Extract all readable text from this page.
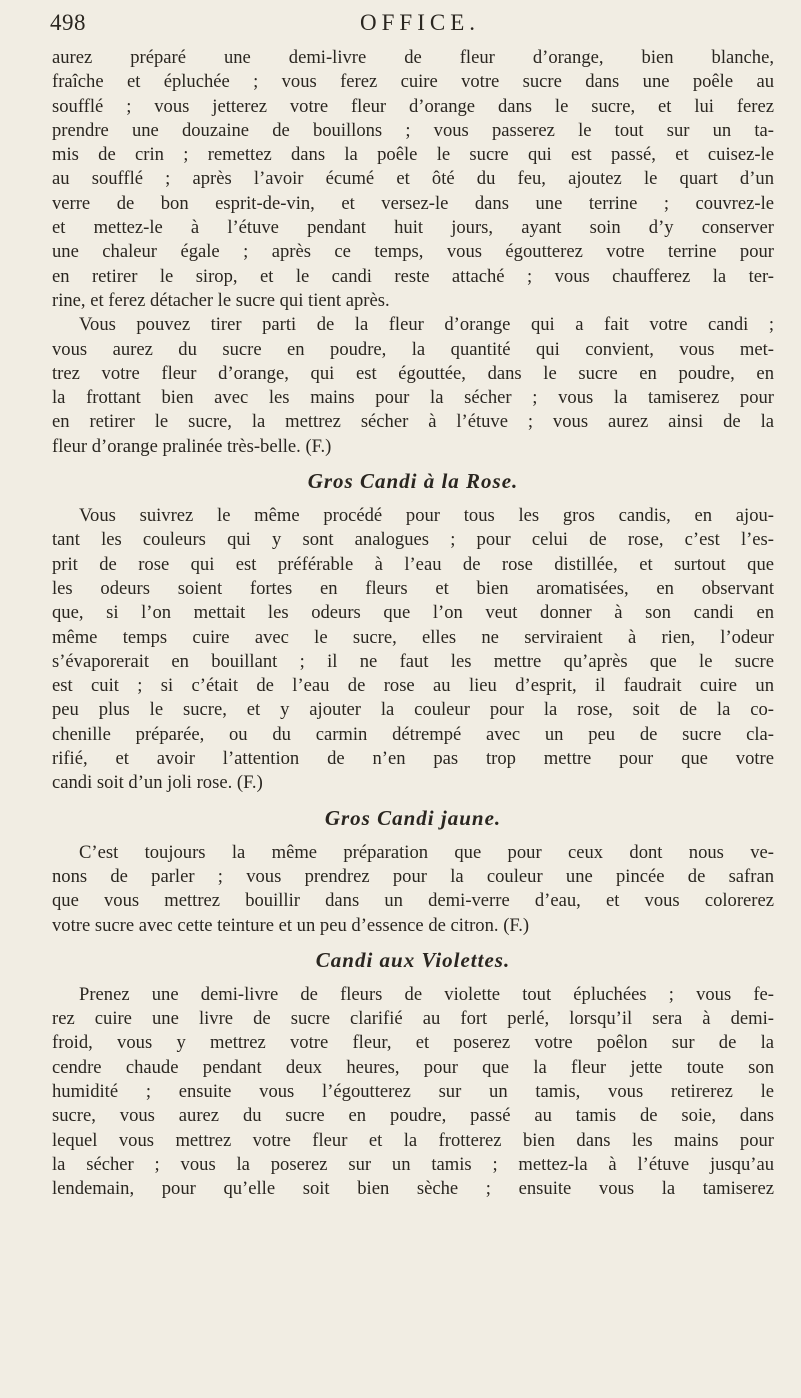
498	OFFICE.
aurez préparé une demi-livre de fleur d’orange, bien blanche,
fraîche et épluchée ; vous ferez cuire votre sucre dans une poêle au
soufflé ; vous jetterez votre fleur d’orange dans le sucre, et lui ferez
prendre une douzaine de bouillons ; vous passerez le tout sur un ta-
mis de crin ; remettez dans la poêle le sucre qui est passé, et cuisez-le
au soufflé ; après l’avoir écumé et ôté du feu, ajoutez le quart d’un
verre de bon esprit-de-vin, et versez-le dans une terrine ; couvrez-le
et mettez-le à l’étuve pendant huit jours, ayant soin d’y conserver
une chaleur égale ; après ce temps, vous égoutterez votre terrine pour
en retirer le sirop, et le candi reste attaché ; vous chaufferez la ter-
rine, et ferez détacher le sucre qui tient après.
Vous pouvez tirer parti de la fleur d’orange qui a fait votre candi ;
vous aurez du sucre en poudre, la quantité qui convient, vous met-
trez votre fleur d’orange, qui est égouttée, dans le sucre en poudre, en
la frottant bien avec les mains pour la sécher ; vous la tamiserez pour
en retirer le sucre, la mettrez sécher à l’étuve ; vous aurez ainsi de la
fleur d’orange pralinée très-belle. (F.)
Gros Candi à la Rose.
Vous suivrez le même procédé pour tous les gros candis, en ajou-
tant les couleurs qui y sont analogues ; pour celui de rose, c’est l’es-
prit de rose qui est préférable à l’eau de rose distillée, et surtout que
les odeurs soient fortes en fleurs et bien aromatisées, en observant
que, si l’on mettait les odeurs que l’on veut donner à son candi en
même temps cuire avec le sucre, elles ne serviraient à rien, l’odeur
s’évaporerait en bouillant ; il ne faut les mettre qu’après que le sucre
est cuit ; si c’était de l’eau de rose au lieu d’esprit, il faudrait cuire un
peu plus le sucre, et y ajouter la couleur pour la rose, soit de la co-
chenille préparée, ou du carmin détrempé avec un peu de sucre cla-
rifié, et avoir l’attention de n’en pas trop mettre pour que votre
candi soit d’un joli rose. (F.)
Gros Candi jaune.
C’est toujours la même préparation que pour ceux dont nous ve-
nons de parler ; vous prendrez pour la couleur une pincée de safran
que vous mettrez bouillir dans un demi-verre d’eau, et vous colorerez
votre sucre avec cette teinture et un peu d’essence de citron. (F.)
Candi aux Violettes.
Prenez une demi-livre de fleurs de violette tout épluchées ; vous fe-
rez cuire une livre de sucre clarifié au fort perlé, lorsqu’il sera à demi-
froid, vous y mettrez votre fleur, et poserez votre poêlon sur de la
cendre chaude pendant deux heures, pour que la fleur jette toute son
humidité ; ensuite vous l’égoutterez sur un tamis, vous retirerez le
sucre, vous aurez du sucre en poudre, passé au tamis de soie, dans
lequel vous mettrez votre fleur et la frotterez bien dans les mains pour
la sécher ; vous la poserez sur un tamis ; mettez-la à l’étuve jusqu’au
lendemain, pour qu’elle soit bien sèche ; ensuite vous la tamiserez
